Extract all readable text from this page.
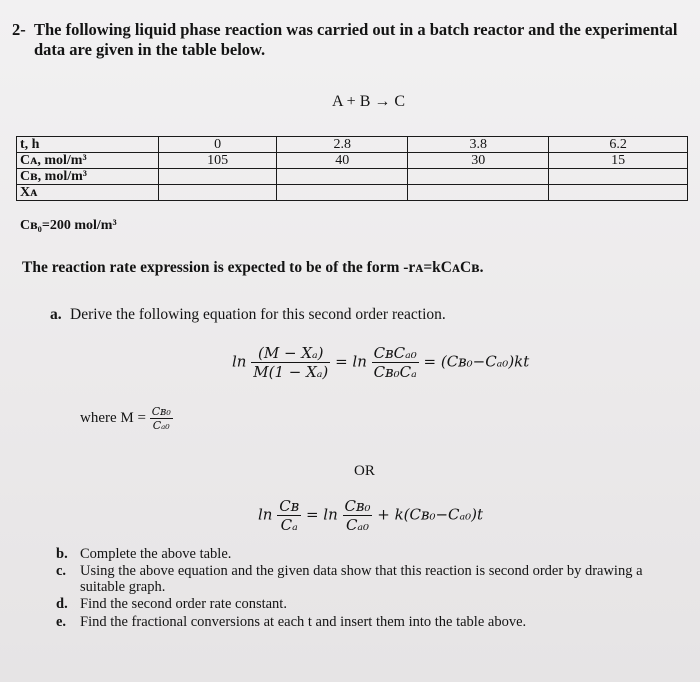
2- The following liquid phase reaction was carried out in a batch reactor and the experimental
data are given in the table below.
A + B → C
t, h	0	2.8	3.8	6.2
Cᴀ, mol/m³	105	40	30	15
Cʙ, mol/m³				
Xᴀ				
Cʙ₀=200 mol/m³
The reaction rate expression is expected to be of the form -rᴀ=kCᴀCʙ.
a. Derive the following equation for this second order reaction.
$\ln \frac{\text{(M − Xₐ)}}{\text{M(1 − Xₐ)}} = \ln \frac{\text{CʙCₐ₀}}{\text{Cʙ₀Cₐ}}$ = (Cʙ₀−Cₐ₀)kt
where $M = \frac{\text{Cʙ₀}}{\text{Cₐ₀}}$
OR
$\ln \frac{\text{Cʙ}}{\text{Cₐ}} = \ln \frac{\text{Cʙ₀}}{\text{Cₐ₀}}$ + k(Cʙ₀−Cₐ₀)t
b. Complete the above table.
c. Using the above equation and the given data show that this reaction is second order by drawing a suitable graph.
d. Find the second order rate constant.
e. Find the fractional conversions at each t and insert them into the table above.
